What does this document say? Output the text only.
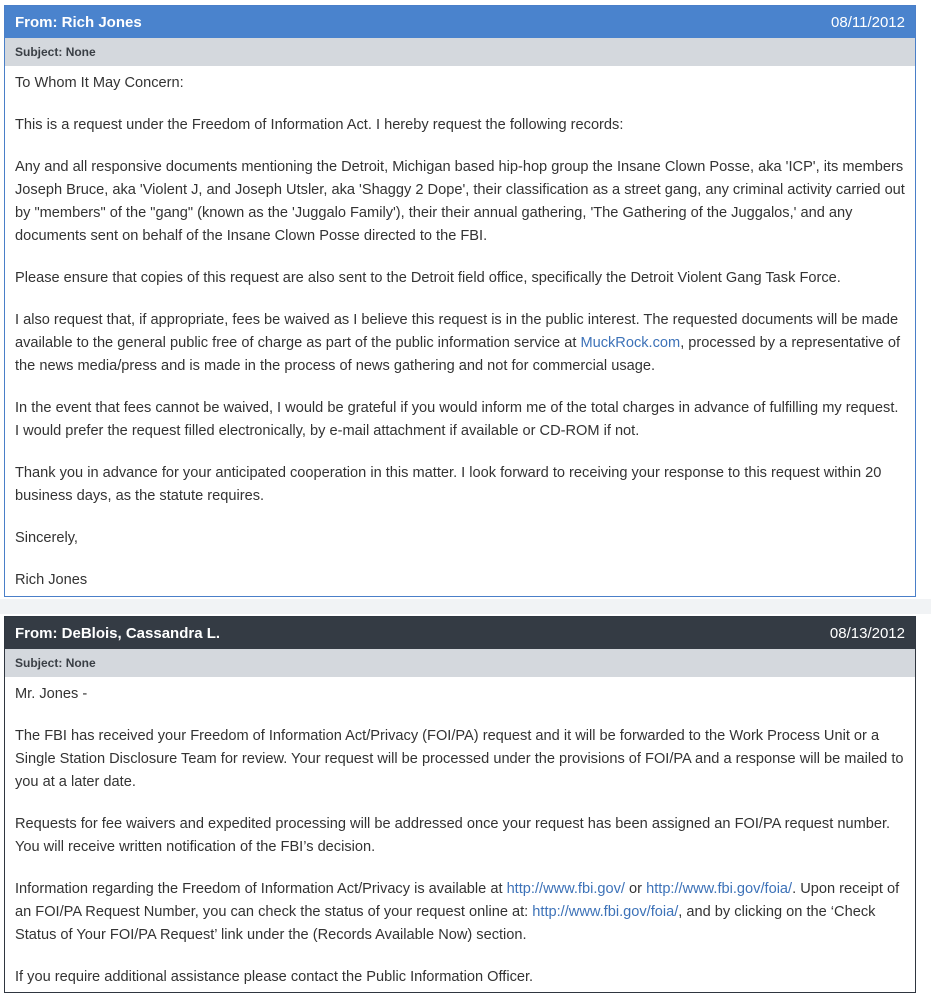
From: Rich Jones	08/11/2012
Subject:
None

To Whom It May Concern:

This is a request under the Freedom of Information Act. I hereby request the following records:

Any and all responsive documents mentioning the Detroit, Michigan based hip-hop group the Insane Clown Posse, aka 'ICP', its members Joseph Bruce, aka 'Violent J, and Joseph Utsler, aka 'Shaggy 2 Dope', their classification as a street gang, any criminal activity carried out by "members" of the "gang" (known as the 'Juggalo Family'), their their annual gathering, 'The Gathering of the Juggalos,' and any documents sent on behalf of the Insane Clown Posse directed to the FBI.

Please ensure that copies of this request are also sent to the Detroit field office, specifically the Detroit Violent Gang Task Force.

I also request that, if appropriate, fees be waived as I believe this request is in the public interest. The requested documents will be made available to the general public free of charge as part of the public information service at MuckRock.com, processed by a representative of the news media/press and is made in the process of news gathering and not for commercial usage.

In the event that fees cannot be waived, I would be grateful if you would inform me of the total charges in advance of fulfilling my request. I would prefer the request filled electronically, by e-mail attachment if available or CD-ROM if not.

Thank you in advance for your anticipated cooperation in this matter. I look forward to receiving your response to this request within 20 business days, as the statute requires.

Sincerely,

Rich Jones

From: DeBlois, Cassandra L.	08/13/2012
Subject:
None

Mr. Jones -

The FBI has received your Freedom of Information Act/Privacy (FOI/PA) request and it will be forwarded to the Work Process Unit or a Single Station Disclosure Team for review. Your request will be processed under the provisions of FOI/PA and a response will be mailed to you at a later date.

Requests for fee waivers and expedited processing will be addressed once your request has been assigned an FOI/PA request number. You will receive written notification of the FBI’s decision.

Information regarding the Freedom of Information Act/Privacy is available at http://www.fbi.gov/ or http://www.fbi.gov/foia/. Upon receipt of an FOI/PA Request Number, you can check the status of your request online at: http://www.fbi.gov/foia/, and by clicking on the ‘Check Status of Your FOI/PA Request’ link under the (Records Available Now) section.

If you require additional assistance please contact the Public Information Officer.
